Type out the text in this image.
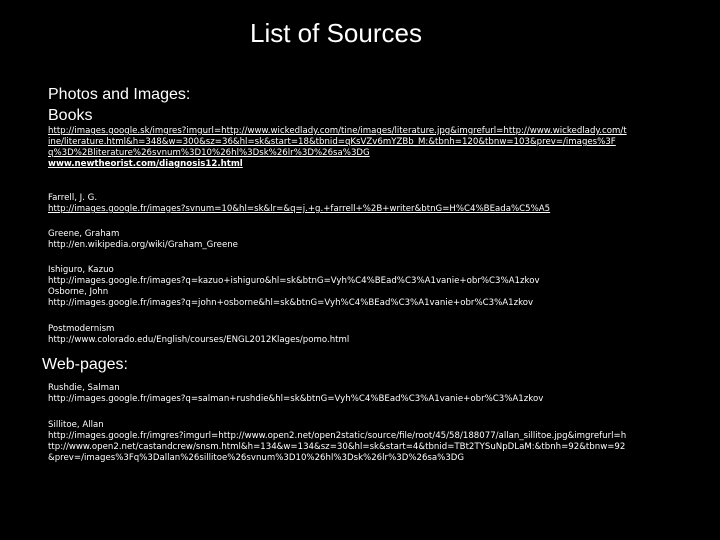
List of Sources
Photos and Images:
Books
http://images.google.sk/imgres?imgurl=http://www.wickedlady.com/tine/images/literature.jpg&imgrefurl=http://www.wickedlady.com/tine/literature.html&h=348&w=300&sz=36&hl=sk&start=18&tbnid=qKsVZv6mYZBb_M:&tbnh=120&tbnw=103&prev=/images%3Fq%3D%2Bliterature%26svnum%3D10%26hl%3Dsk%26lr%3D%26sa%3DG
www.newtheorist.com/diagnosis12.html
Farrell, J. G.
http://images.google.fr/images?svnum=10&hl=sk&lr=&q=j.+g.+farrell+%2B+writer&btnG=H%C4%BEada%C5%A5
Greene, Graham
http://en.wikipedia.org/wiki/Graham_Greene
Ishiguro, Kazuo
http://images.google.fr/images?q=kazuo+ishiguro&hl=sk&btnG=Vyh%C4%BEad%C3%A1vanie+obr%C3%A1zkov
Osborne, John
http://images.google.fr/images?q=john+osborne&hl=sk&btnG=Vyh%C4%BEad%C3%A1vanie+obr%C3%A1zkov
Postmodernism
http://www.colorado.edu/English/courses/ENGL2012Klages/pomo.html
Web-pages:
Rushdie, Salman
http://images.google.fr/images?q=salman+rushdie&hl=sk&btnG=Vyh%C4%BEad%C3%A1vanie+obr%C3%A1zkov
Sillitoe, Allan
http://images.google.fr/imgres?imgurl=http://www.open2.net/open2static/source/file/root/45/58/188077/allan_sillitoe.jpg&imgrefurl=http://www.open2.net/castandcrew/snsm.html&h=134&w=134&sz=30&hl=sk&start=4&tbnid=TBt2TYSuNpDLaM:&tbnh=92&tbnw=92&prev=/images%3Fq%3Dallan%26sillitoe%26svnum%3D10%26hl%3Dsk%26lr%3D%26sa%3DG
